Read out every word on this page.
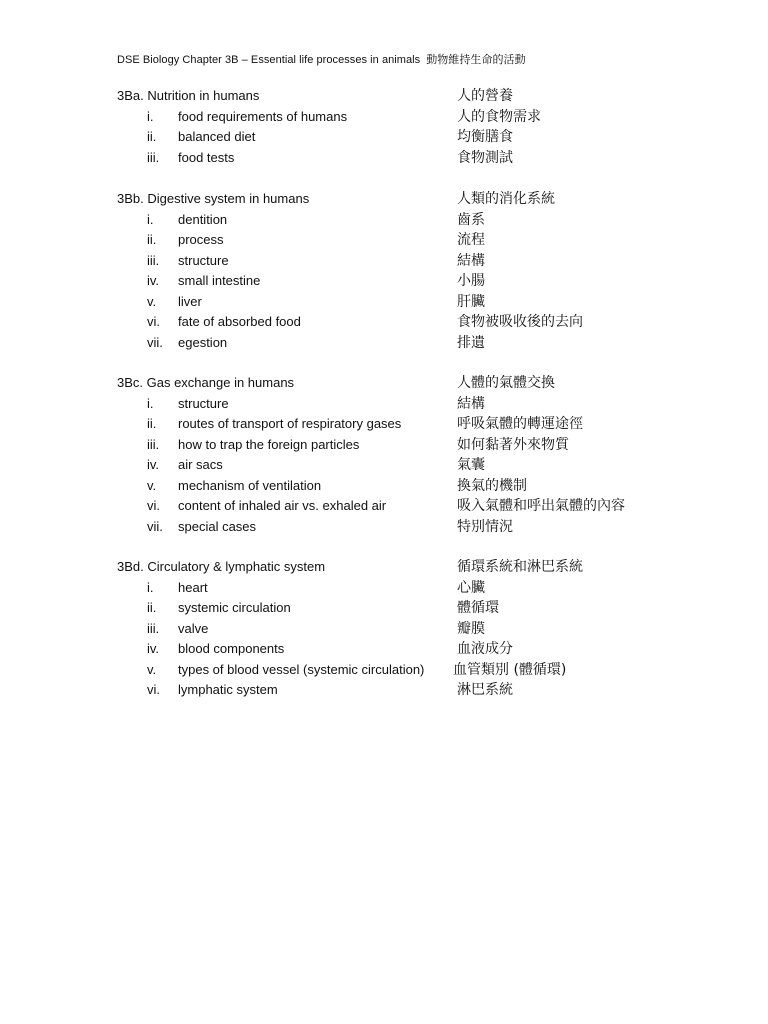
DSE Biology Chapter 3B – Essential life processes in animals 動物維持生命的活動
3Ba. Nutrition in humans	人的營養
i. food requirements of humans	人的食物需求
ii. balanced diet	均衡膳食
iii. food tests	食物測試
3Bb. Digestive system in humans	人類的消化系統
i. dentition	齒系
ii. process	流程
iii. structure	結構
iv. small intestine	小腸
v. liver	肝臟
vi. fate of absorbed food	食物被吸收後的去向
vii. egestion	排遺
3Bc. Gas exchange in humans	人體的氣體交換
i. structure	結構
ii. routes of transport of respiratory gases	呼吸氣體的轉運途徑
iii. how to trap the foreign particles	如何黏著外來物質
iv. air sacs	氣囊
v. mechanism of ventilation	換氣的機制
vi. content of inhaled air vs. exhaled air	吸入氣體和呼出氣體的內容
vii. special cases	特別情況
3Bd. Circulatory & lymphatic system	循環系統和淋巴系統
i. heart	心臟
ii. systemic circulation	體循環
iii. valve	瓣膜
iv. blood components	血液成分
v. types of blood vessel (systemic circulation) 血管類別 (體循環)
vi. lymphatic system	淋巴系統
